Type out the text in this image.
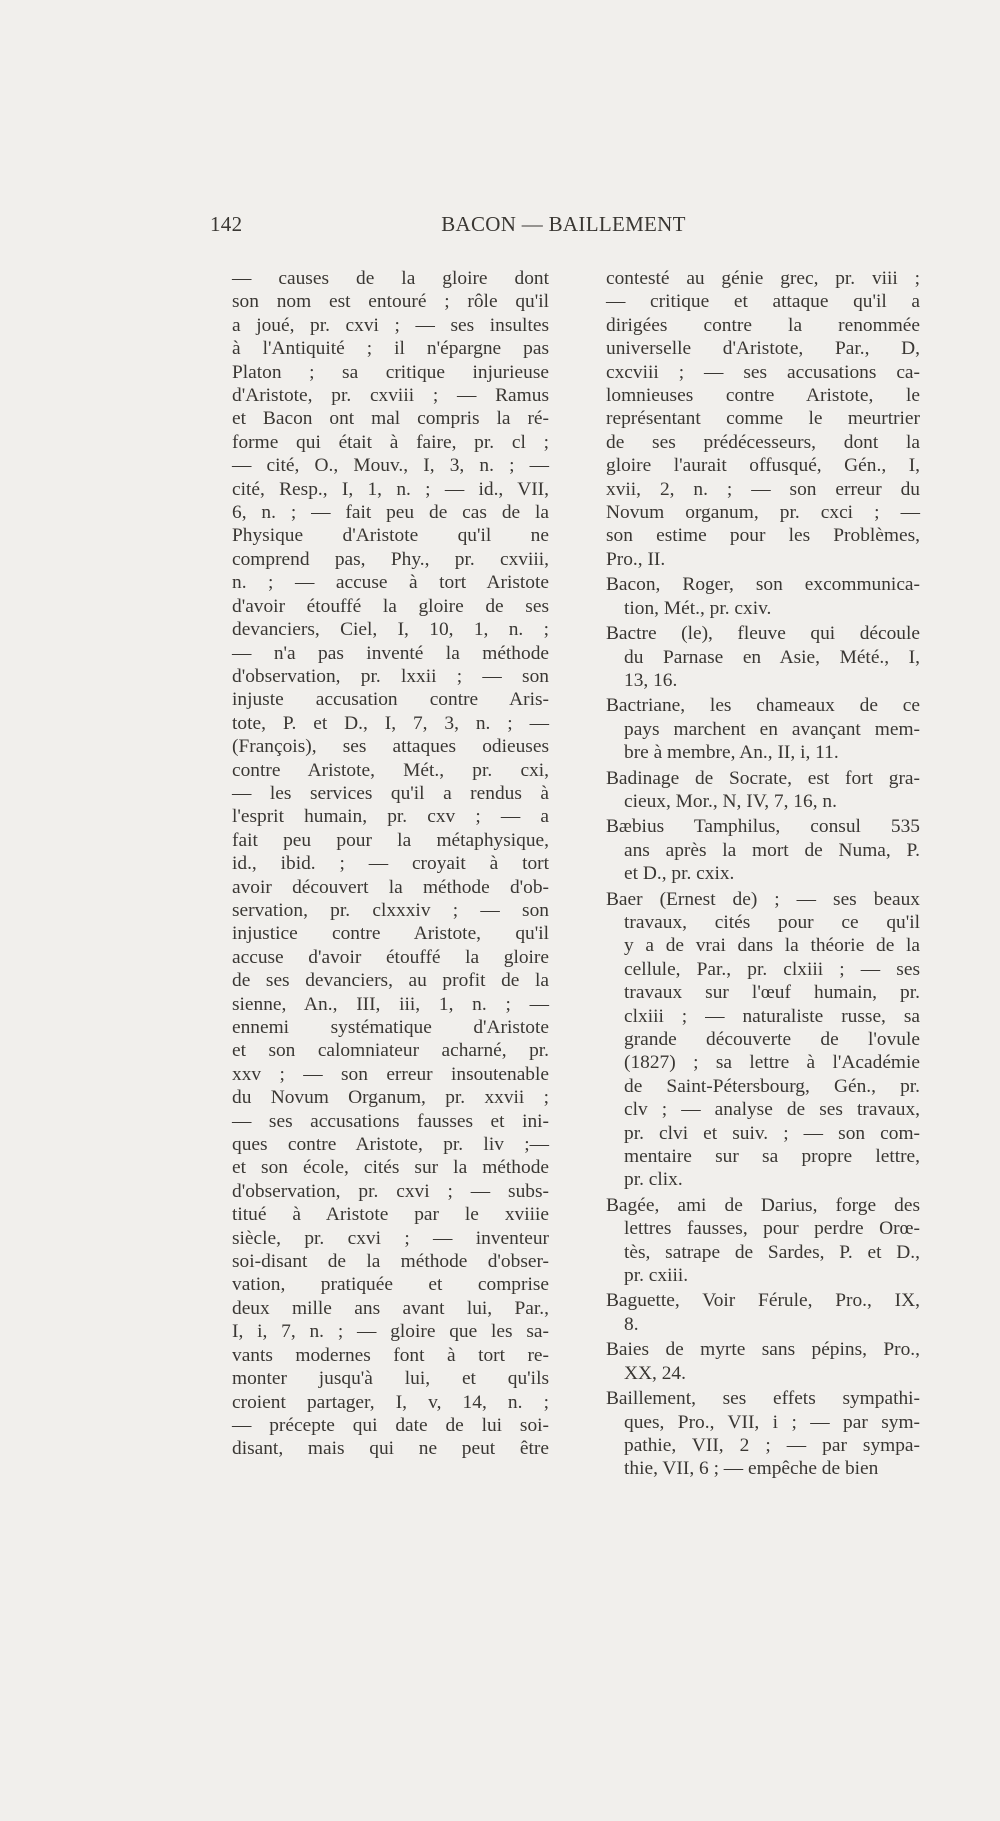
142	BACON — BAILLEMENT
— causes de la gloire dont
son nom est entouré ; rôle qu'il
a joué, pr. cxvi ; — ses insultes
à l'Antiquité ; il n'épargne pas
Platon ; sa critique injurieuse
d'Aristote, pr. cxviii ; — Ramus
et Bacon ont mal compris la ré-
forme qui était à faire, pr. cl ;
— cité, O., Mouv., I, 3, n. ; —
cité, Resp., I, 1, n. ; — id., VII,
6, n. ; — fait peu de cas de la
Physique d'Aristote qu'il ne
comprend pas, Phy., pr. cxviii,
n. ; — accuse à tort Aristote
d'avoir étouffé la gloire de ses
devanciers, Ciel, I, 10, 1, n. ;
— n'a pas inventé la méthode
d'observation, pr. lxxii ; — son
injuste accusation contre Aris-
tote, P. et D., I, 7, 3, n. ; —
(François), ses attaques odieuses
contre Aristote, Mét., pr. cxi,
— les services qu'il a rendus à
l'esprit humain, pr. cxv ; — a
fait peu pour la métaphysique,
id., ibid. ; — croyait à tort
avoir découvert la méthode d'ob-
servation, pr. clxxxiv ; — son
injustice contre Aristote, qu'il
accuse d'avoir étouffé la gloire
de ses devanciers, au profit de la
sienne, An., III, iii, 1, n. ; —
ennemi systématique d'Aristote
et son calomniateur acharné, pr.
xxv ; — son erreur insoutenable
du Novum Organum, pr. xxvii ;
— ses accusations fausses et ini-
ques contre Aristote, pr. liv ;—
et son école, cités sur la méthode
d'observation, pr. cxvi ; — subs-
titué à Aristote par le xviiie
siècle, pr. cxvi ; — inventeur
soi-disant de la méthode d'obser-
vation, pratiquée et comprise
deux mille ans avant lui, Par.,
I, i, 7, n. ; — gloire que les sa-
vants modernes font à tort re-
monter jusqu'à lui, et qu'ils
croient partager, I, v, 14, n. ;
— précepte qui date de lui soi-
disant, mais qui ne peut être
contesté au génie grec, pr. viii ;
— critique et attaque qu'il a
dirigées contre la renommée
universelle d'Aristote, Par., D,
cxcviii ; — ses accusations ca-
lomnieuses contre Aristote, le
représentant comme le meurtrier
de ses prédécesseurs, dont la
gloire l'aurait offusqué, Gén., I,
xvii, 2, n. ; — son erreur du
Novum organum, pr. cxci ; —
son estime pour les Problèmes,
Pro., II.
Bacon, Roger, son excommunica-
tion, Mét., pr. cxiv.
Bactre (le), fleuve qui découle
du Parnase en Asie, Mété., I,
13, 16.
Bactriane, les chameaux de ce
pays marchent en avançant mem-
bre à membre, An., II, i, 11.
Badinage de Socrate, est fort gra-
cieux, Mor., N, IV, 7, 16, n.
Bæbius Tamphilus, consul 535
ans après la mort de Numa, P.
et D., pr. cxix.
Baer (Ernest de) ; — ses beaux
travaux, cités pour ce qu'il
y a de vrai dans la théorie de la
cellule, Par., pr. clxiii ; — ses
travaux sur l'œuf humain, pr.
clxiii ; — naturaliste russe, sa
grande découverte de l'ovule
(1827) ; sa lettre à l'Académie
de Saint-Pétersbourg, Gén., pr.
clv ; — analyse de ses travaux,
pr. clvi et suiv. ; — son com-
mentaire sur sa propre lettre,
pr. clix.
Bagée, ami de Darius, forge des
lettres fausses, pour perdre Orœ-
tès, satrape de Sardes, P. et D.,
pr. cxiii.
Baguette, Voir Férule, Pro., IX,
8.
Baies de myrte sans pépins, Pro.,
XX, 24.
Baillement, ses effets sympathi-
ques, Pro., VII, i ; — par sym-
pathie, VII, 2 ; — par sympa-
thie, VII, 6 ; — empêche de bien
